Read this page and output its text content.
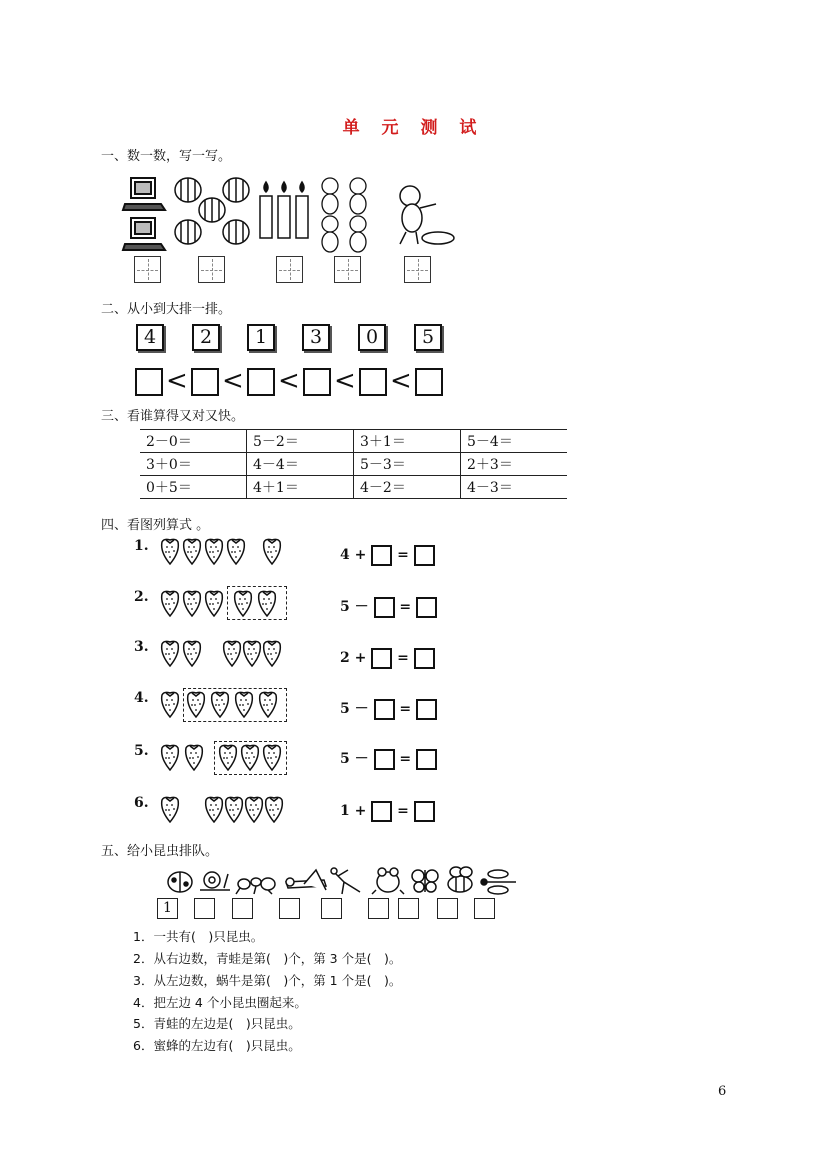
单 元 测 试
一、数一数，写一写。
二、从小到大排一排。
4	2	1	3	0	5
< < < < <
三、看谁算得又对又快。
2－0＝	5－2＝	3＋1＝	5－4＝
3＋0＝	4－4＝	5－3＝	2＋3＝
0＋5＝	4＋1＝	4－2＝	4－3＝
四、看图列算式 。
1.
4 + =
2.
5 － =
3.
2 + =
4.
5 － =
5.	5 － =
6.	1 + =
五、给小昆虫排队。
1
1．一共有(　)只昆虫。
2．从右边数，青蛙是第(　)个，第 3 个是(　)。
3．从左边数，蜗牛是第(　)个，第 1 个是(　)。
4．把左边 4 个小昆虫圈起来。
5．青蛙的左边是(　)只昆虫。
6．蜜蜂的左边有(　)只昆虫。
6
